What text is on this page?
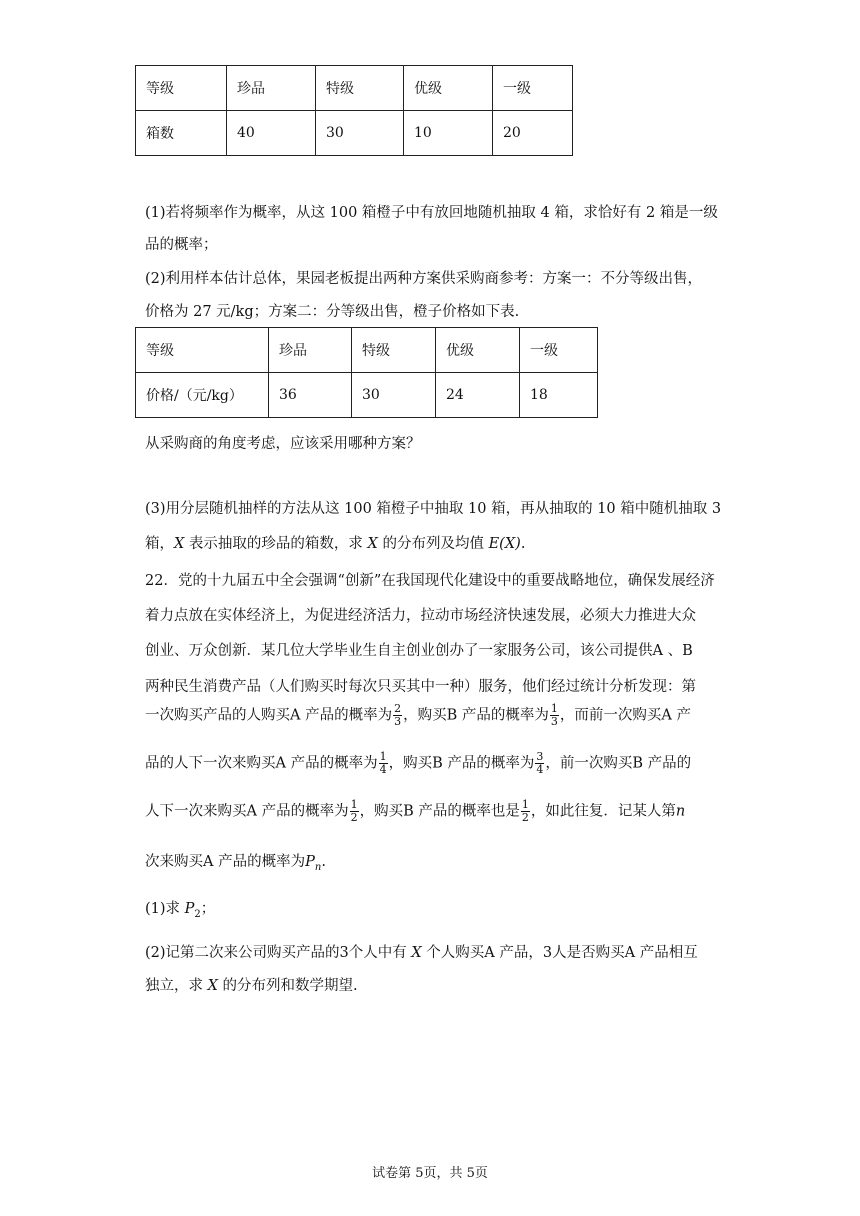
等级	珍品	特级	优级	一级
箱数	40	30	10	20
(1)若将频率作为概率，从这 100 箱橙子中有放回地随机抽取 4 箱，求恰好有 2 箱是一级
品的概率；
(2)利用样本估计总体，果园老板提出两种方案供采购商参考：方案一：不分等级出售，
价格为 27 元/kg；方案二：分等级出售，橙子价格如下表.
等级	珍品	特级	优级	一级
价格/（元/kg）	36	30	24	18
从采购商的角度考虑，应该采用哪种方案？
(3)用分层随机抽样的方法从这 100 箱橙子中抽取 10 箱，再从抽取的 10 箱中随机抽取 3
箱，X 表示抽取的珍品的箱数，求 X 的分布列及均值 E(X).
22．党的十九届五中全会强调“创新”在我国现代化建设中的重要战略地位，确保发展经济
着力点放在实体经济上，为促进经济活力，拉动市场经济快速发展，必须大力推进大众
创业、万众创新．某几位大学毕业生自主创业创办了一家服务公司，该公司提供A 、B
两种民生消费产品（人们购买时每次只买其中一种）服务，他们经过统计分析发现：第
一次购买产品的人购买A 产品的概率为 $\frac{2}{3}$ ，购买B 产品的概率为 $\frac{1}{3}$ ，而前一次购买A 产
品的人下一次来购买A 产品的概率为 $\frac{1}{4}$ ，购买B 产品的概率为 $\frac{3}{4}$ ，前一次购买B 产品的
人下一次来购买A 产品的概率为 $\frac{1}{2}$ ，购买B 产品的概率也是 $\frac{1}{2}$ ，如此往复．记某人第n
次来购买A 产品的概率为$P_n$.
(1)求 $P_2$；
(2)记第二次来公司购买产品的3个人中有 X 个人购买A 产品，3人是否购买A 产品相互
独立，求 X 的分布列和数学期望.
试卷第 5页，共 5页
